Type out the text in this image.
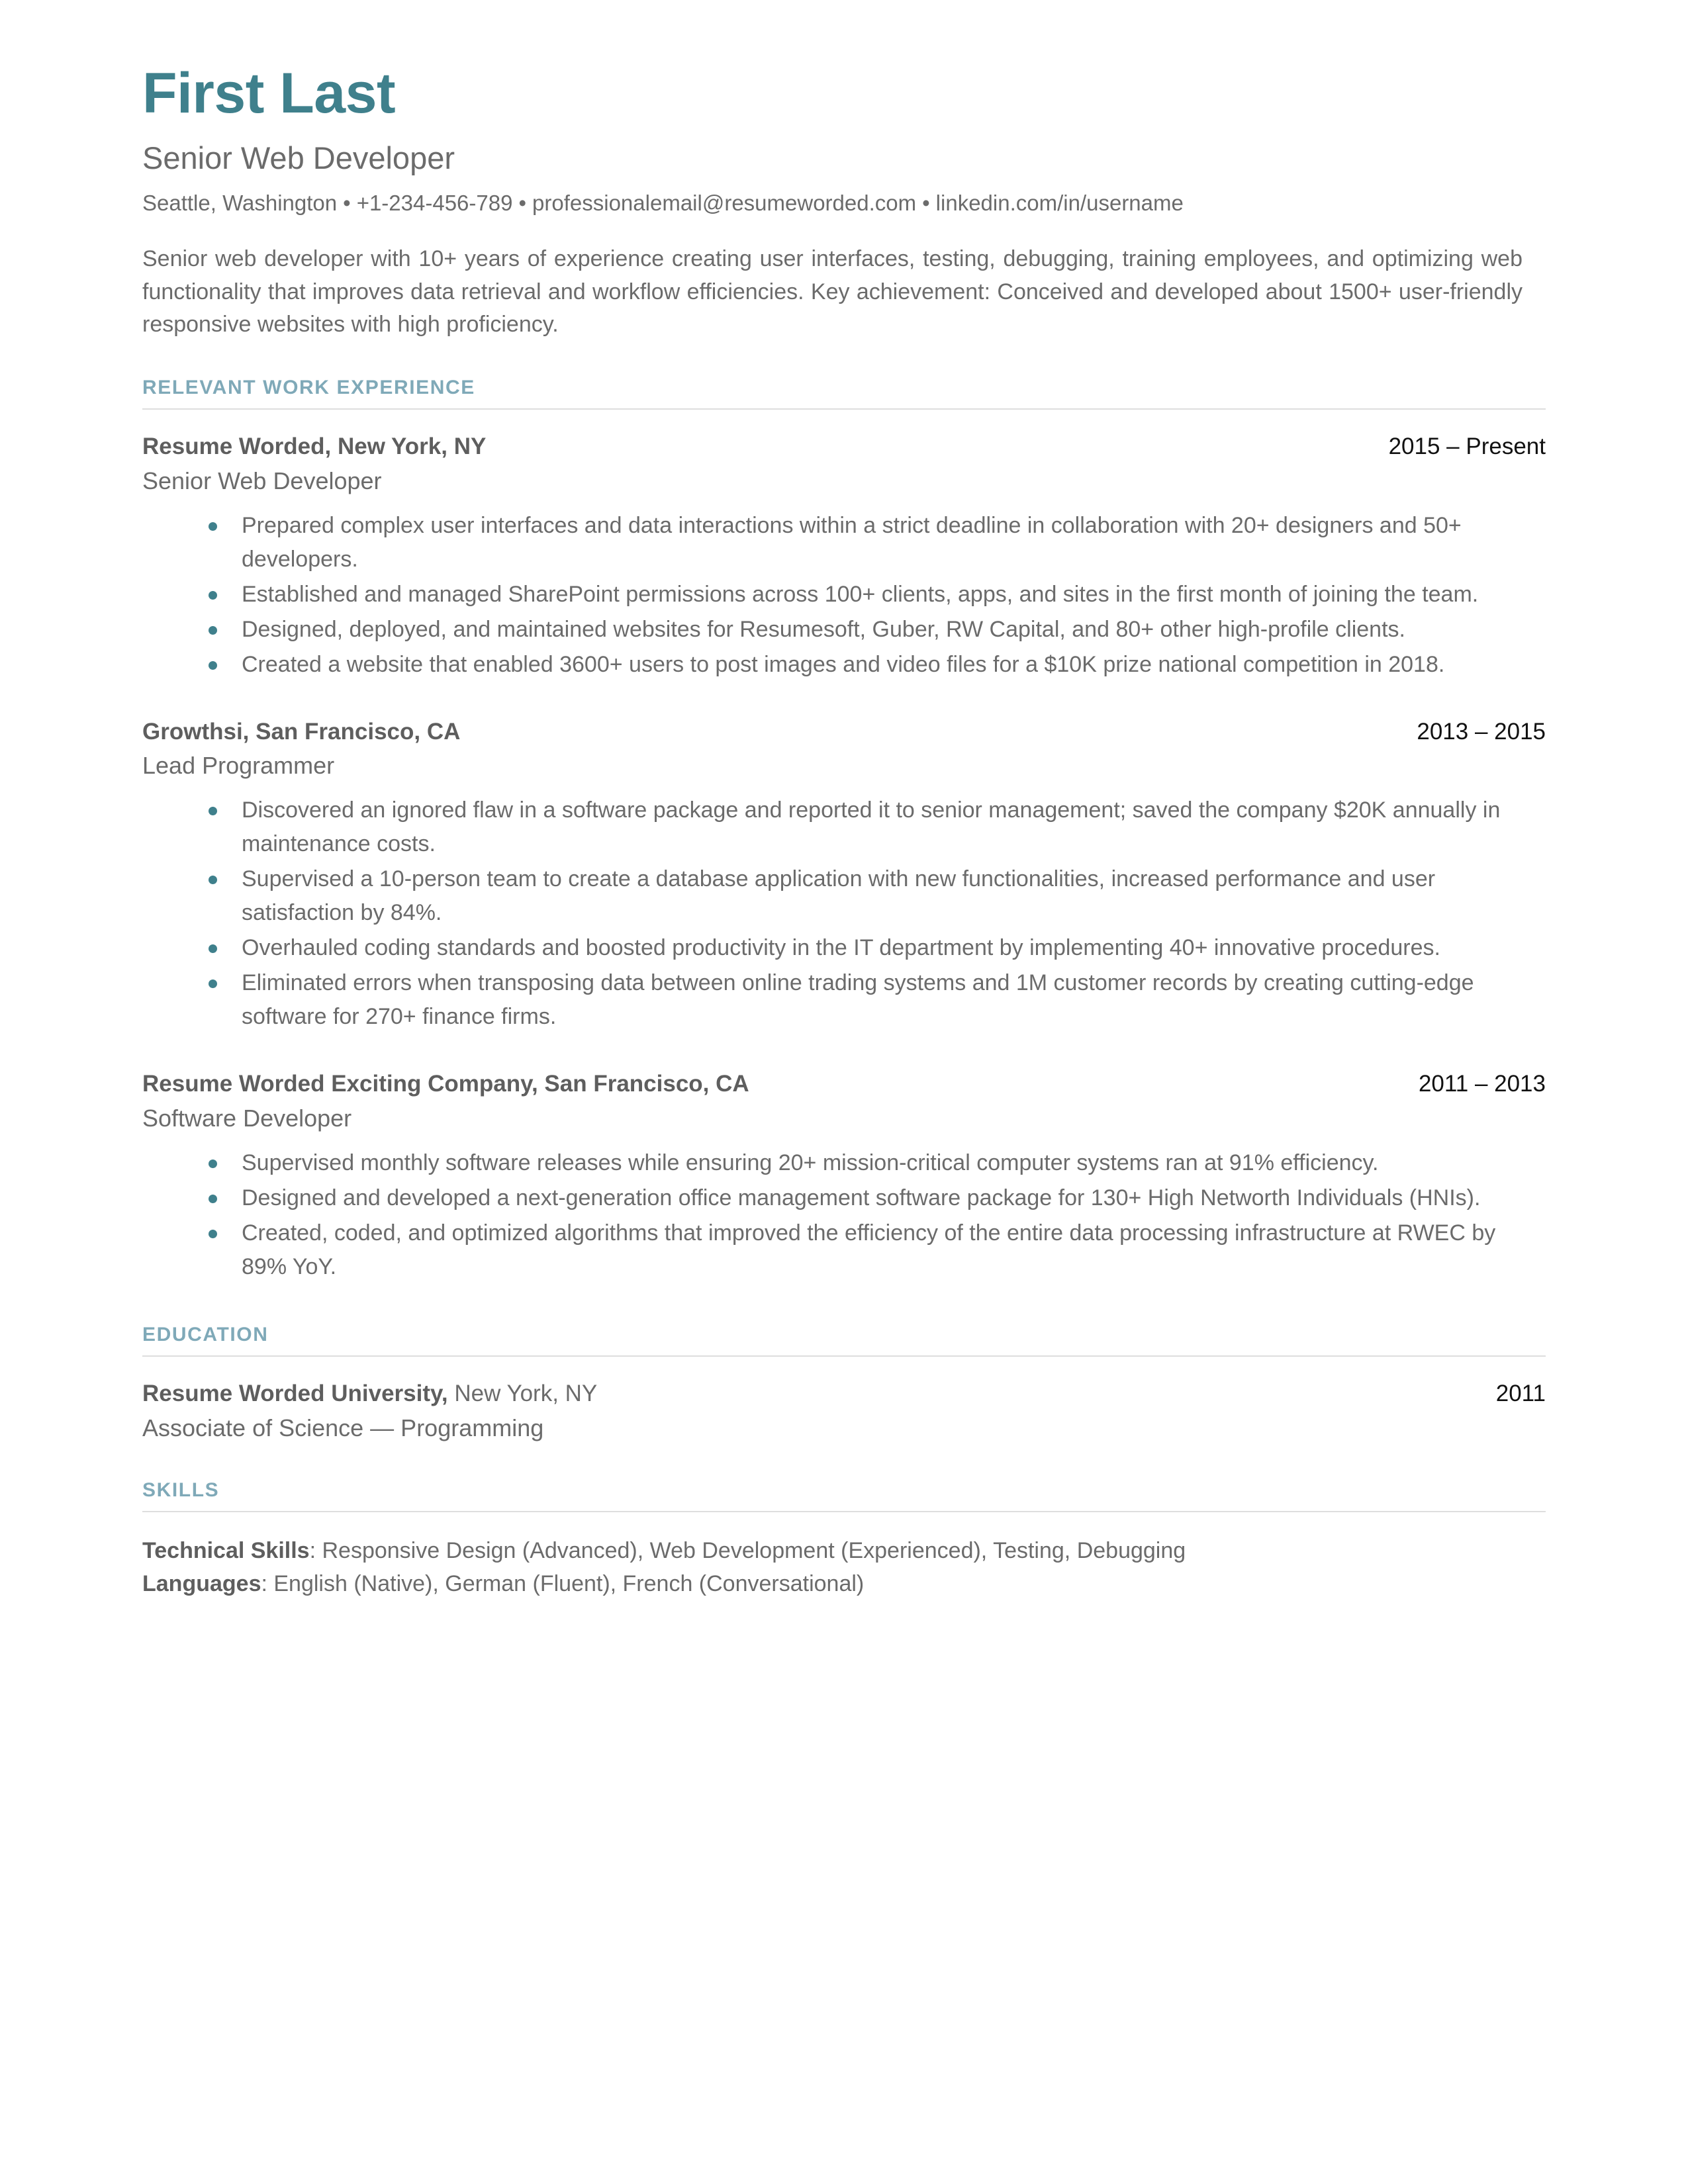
First Last
Senior Web Developer
Seattle, Washington • +1-234-456-789 • professionalemail@resumeworded.com • linkedin.com/in/username

Senior web developer with 10+ years of experience creating user interfaces, testing, debugging, training employees, and optimizing web functionality that improves data retrieval and workflow efficiencies. Key achievement: Conceived and developed about 1500+ user-friendly responsive websites with high proficiency.

RELEVANT WORK EXPERIENCE
Resume Worded, New York, NY	2015 – Present
Senior Web Developer
Prepared complex user interfaces and data interactions within a strict deadline in collaboration with 20+ designers and 50+ developers.
Established and managed SharePoint permissions across 100+ clients, apps, and sites in the first month of joining the team.
Designed, deployed, and maintained websites for Resumesoft, Guber, RW Capital, and 80+ other high-profile clients.
Created a website that enabled 3600+ users to post images and video files for a $10K prize national competition in 2018.
Growthsi, San Francisco, CA	2013 – 2015
Lead Programmer
Discovered an ignored flaw in a software package and reported it to senior management; saved the company $20K annually in maintenance costs.
Supervised a 10-person team to create a database application with new functionalities, increased performance and user satisfaction by 84%.
Overhauled coding standards and boosted productivity in the IT department by implementing 40+ innovative procedures.
Eliminated errors when transposing data between online trading systems and 1M customer records by creating cutting-edge software for 270+ finance firms.
Resume Worded Exciting Company, San Francisco, CA	2011 – 2013
Software Developer
Supervised monthly software releases while ensuring 20+ mission-critical computer systems ran at 91% efficiency.
Designed and developed a next-generation office management software package for 130+ High Networth Individuals (HNIs).
Created, coded, and optimized algorithms that improved the efficiency of the entire data processing infrastructure at RWEC by 89% YoY.
EDUCATION
Resume Worded University, New York, NY	2011
Associate of Science — Programming
SKILLS
Technical Skills: Responsive Design (Advanced), Web Development (Experienced), Testing, Debugging
Languages: English (Native), German (Fluent), French (Conversational)
